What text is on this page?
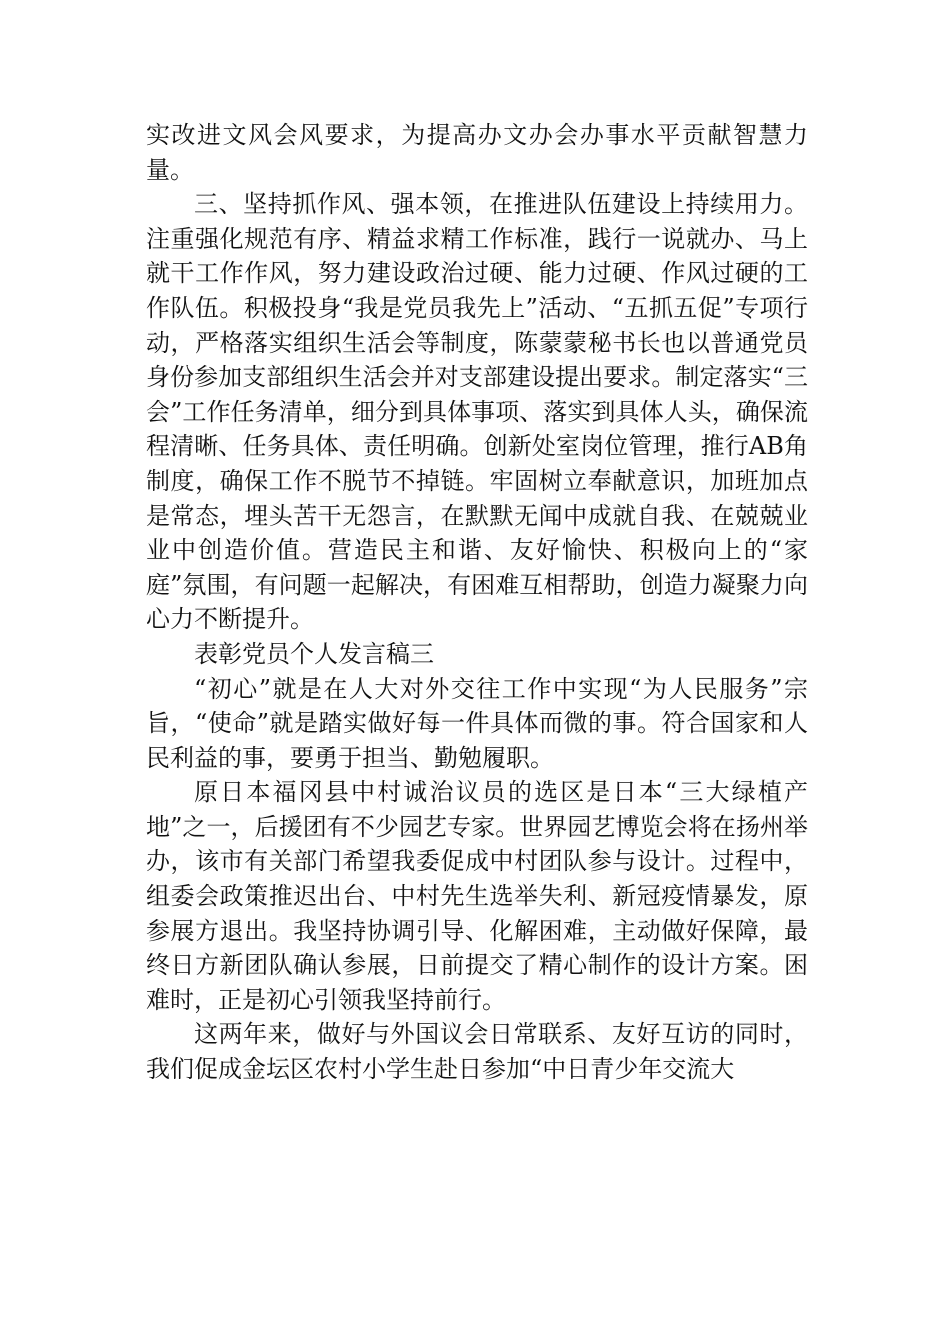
实改进文风会风要求，为提高办文办会办事水平贡献智慧力量。

三、坚持抓作风、强本领，在推进队伍建设上持续用力。注重强化规范有序、精益求精工作标准，践行一说就办、马上就干工作作风，努力建设政治过硬、能力过硬、作风过硬的工作队伍。积极投身“我是党员我先上”活动、“五抓五促”专项行动，严格落实组织生活会等制度，陈蒙蒙秘书长也以普通党员身份参加支部组织生活会并对支部建设提出要求。制定落实“三会”工作任务清单，细分到具体事项、落实到具体人头，确保流程清晰、任务具体、责任明确。创新处室岗位管理，推行AB角制度，确保工作不脱节不掉链。牢固树立奉献意识，加班加点是常态，埋头苦干无怨言，在默默无闻中成就自我、在兢兢业业中创造价值。营造民主和谐、友好愉快、积极向上的“家庭”氛围，有问题一起解决，有困难互相帮助，创造力凝聚力向心力不断提升。

表彰党员个人发言稿三

“初心”就是在人大对外交往工作中实现“为人民服务”宗旨，“使命”就是踏实做好每一件具体而微的事。符合国家和人民利益的事，要勇于担当、勤勉履职。

原日本福冈县中村诚治议员的选区是日本“三大绿植产地”之一，后援团有不少园艺专家。世界园艺博览会将在扬州举办，该市有关部门希望我委促成中村团队参与设计。过程中，组委会政策推迟出台、中村先生选举失利、新冠疫情暴发，原参展方退出。我坚持协调引导、化解困难，主动做好保障，最终日方新团队确认参展，日前提交了精心制作的设计方案。困难时，正是初心引领我坚持前行。

这两年来，做好与外国议会日常联系、友好互访的同时，我们促成金坛区农村小学生赴日参加“中日青少年交流大
